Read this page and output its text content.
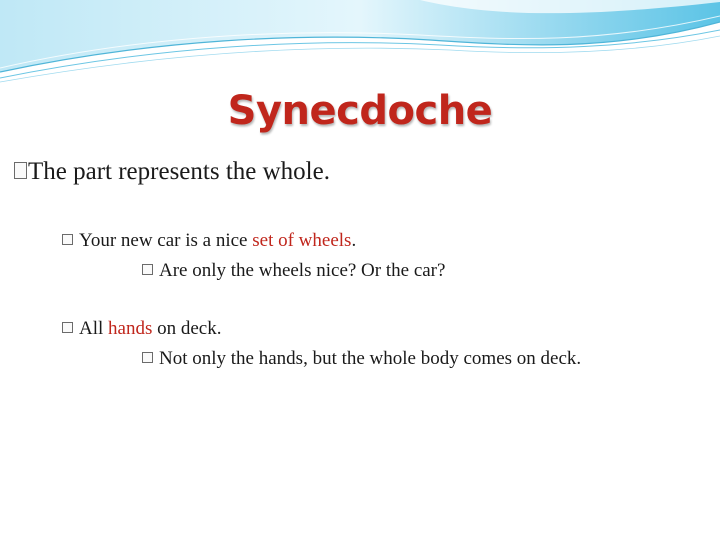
Synecdoche
The part represents the whole.
Your new car is a nice set of wheels.
Are only the wheels nice? Or the car?
All hands on deck.
Not only the hands, but the whole body comes on deck.
